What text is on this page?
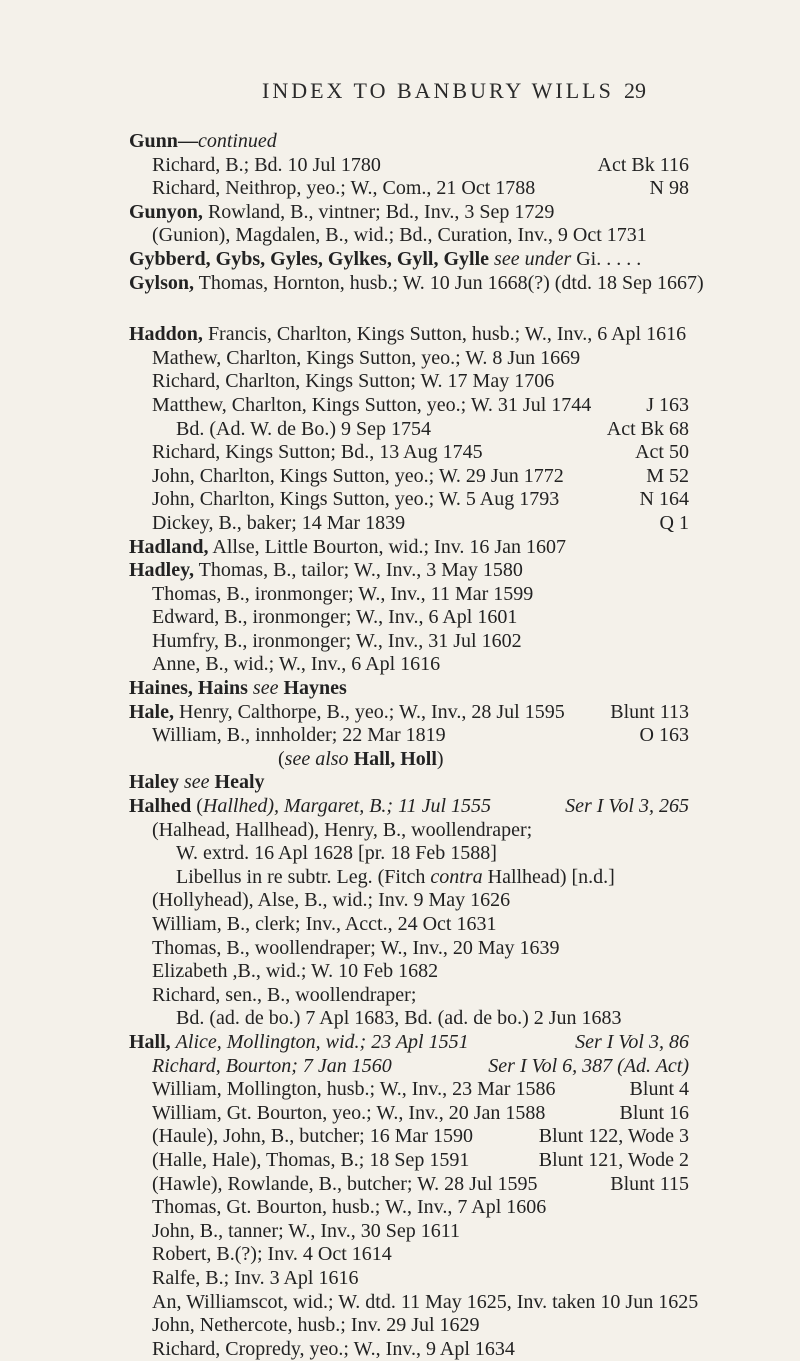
INDEX TO BANBURY WILLS 29
Gunn—continued
Richard, B.; Bd. 10 Jul 1780	Act Bk 116
Richard, Neithrop, yeo.; W., Com., 21 Oct 1788	N 98
Gunyon, Rowland, B., vintner; Bd., Inv., 3 Sep 1729
(Gunion), Magdalen, B., wid.; Bd., Curation, Inv., 9 Oct 1731
Gybberd, Gybs, Gyles, Gylkes, Gyll, Gylle see under Gi. . . . .
Gylson, Thomas, Hornton, husb.; W. 10 Jun 1668(?) (dtd. 18 Sep 1667)
Haddon, Francis, Charlton, Kings Sutton, husb.; W., Inv., 6 Apl 1616
Mathew, Charlton, Kings Sutton, yeo.; W. 8 Jun 1669
Richard, Charlton, Kings Sutton; W. 17 May 1706
Matthew, Charlton, Kings Sutton, yeo.; W. 31 Jul 1744	J 163
Bd. (Ad. W. de Bo.) 9 Sep 1754	Act Bk 68
Richard, Kings Sutton; Bd., 13 Aug 1745	Act 50
John, Charlton, Kings Sutton, yeo.; W. 29 Jun 1772	M 52
John, Charlton, Kings Sutton, yeo.; W. 5 Aug 1793	N 164
Dickey, B., baker; 14 Mar 1839	Q 1
Hadland, Allse, Little Bourton, wid.; Inv. 16 Jan 1607
Hadley, Thomas, B., tailor; W., Inv., 3 May 1580
Thomas, B., ironmonger; W., Inv., 11 Mar 1599
Edward, B., ironmonger; W., Inv., 6 Apl 1601
Humfry, B., ironmonger; W., Inv., 31 Jul 1602
Anne, B., wid.; W., Inv., 6 Apl 1616
Haines, Hains see Haynes
Hale, Henry, Calthorpe, B., yeo.; W., Inv., 28 Jul 1595 Blunt 113
William, B., innholder; 22 Mar 1819	O 163
(see also Hall, Holl)
Haley see Healy
Halhed (Hallhed), Margaret, B.; 11 Jul 1555	Ser I Vol 3, 265
(Halhead, Hallhead), Henry, B., woollendraper;
W. extrd. 16 Apl 1628 [pr. 18 Feb 1588]
Libellus in re subtr. Leg. (Fitch contra Hallhead) [n.d.]
(Hollyhead), Alse, B., wid.; Inv. 9 May 1626
William, B., clerk; Inv., Acct., 24 Oct 1631
Thomas, B., woollendraper; W., Inv., 20 May 1639
Elizabeth ,B., wid.; W. 10 Feb 1682
Richard, sen., B., woollendraper;
Bd. (ad. de bo.) 7 Apl 1683, Bd. (ad. de bo.) 2 Jun 1683
Hall, Alice, Mollington, wid.; 23 Apl 1551	Ser I Vol 3, 86
Richard, Bourton; 7 Jan 1560	Ser I Vol 6, 387 (Ad. Act)
William, Mollington, husb.; W., Inv., 23 Mar 1586	Blunt 4
William, Gt. Bourton, yeo.; W., Inv., 20 Jan 1588	Blunt 16
(Haule), John, B., butcher; 16 Mar 1590	Blunt 122, Wode 3
(Halle, Hale), Thomas, B.; 18 Sep 1591	Blunt 121, Wode 2
(Hawle), Rowlande, B., butcher; W. 28 Jul 1595	Blunt 115
Thomas, Gt. Bourton, husb.; W., Inv., 7 Apl 1606
John, B., tanner; W., Inv., 30 Sep 1611
Robert, B.(?); Inv. 4 Oct 1614
Ralfe, B.; Inv. 3 Apl 1616
An, Williamscot, wid.; W. dtd. 11 May 1625, Inv. taken 10 Jun 1625
John, Nethercote, husb.; Inv. 29 Jul 1629
Richard, Cropredy, yeo.; W., Inv., 9 Apl 1634
